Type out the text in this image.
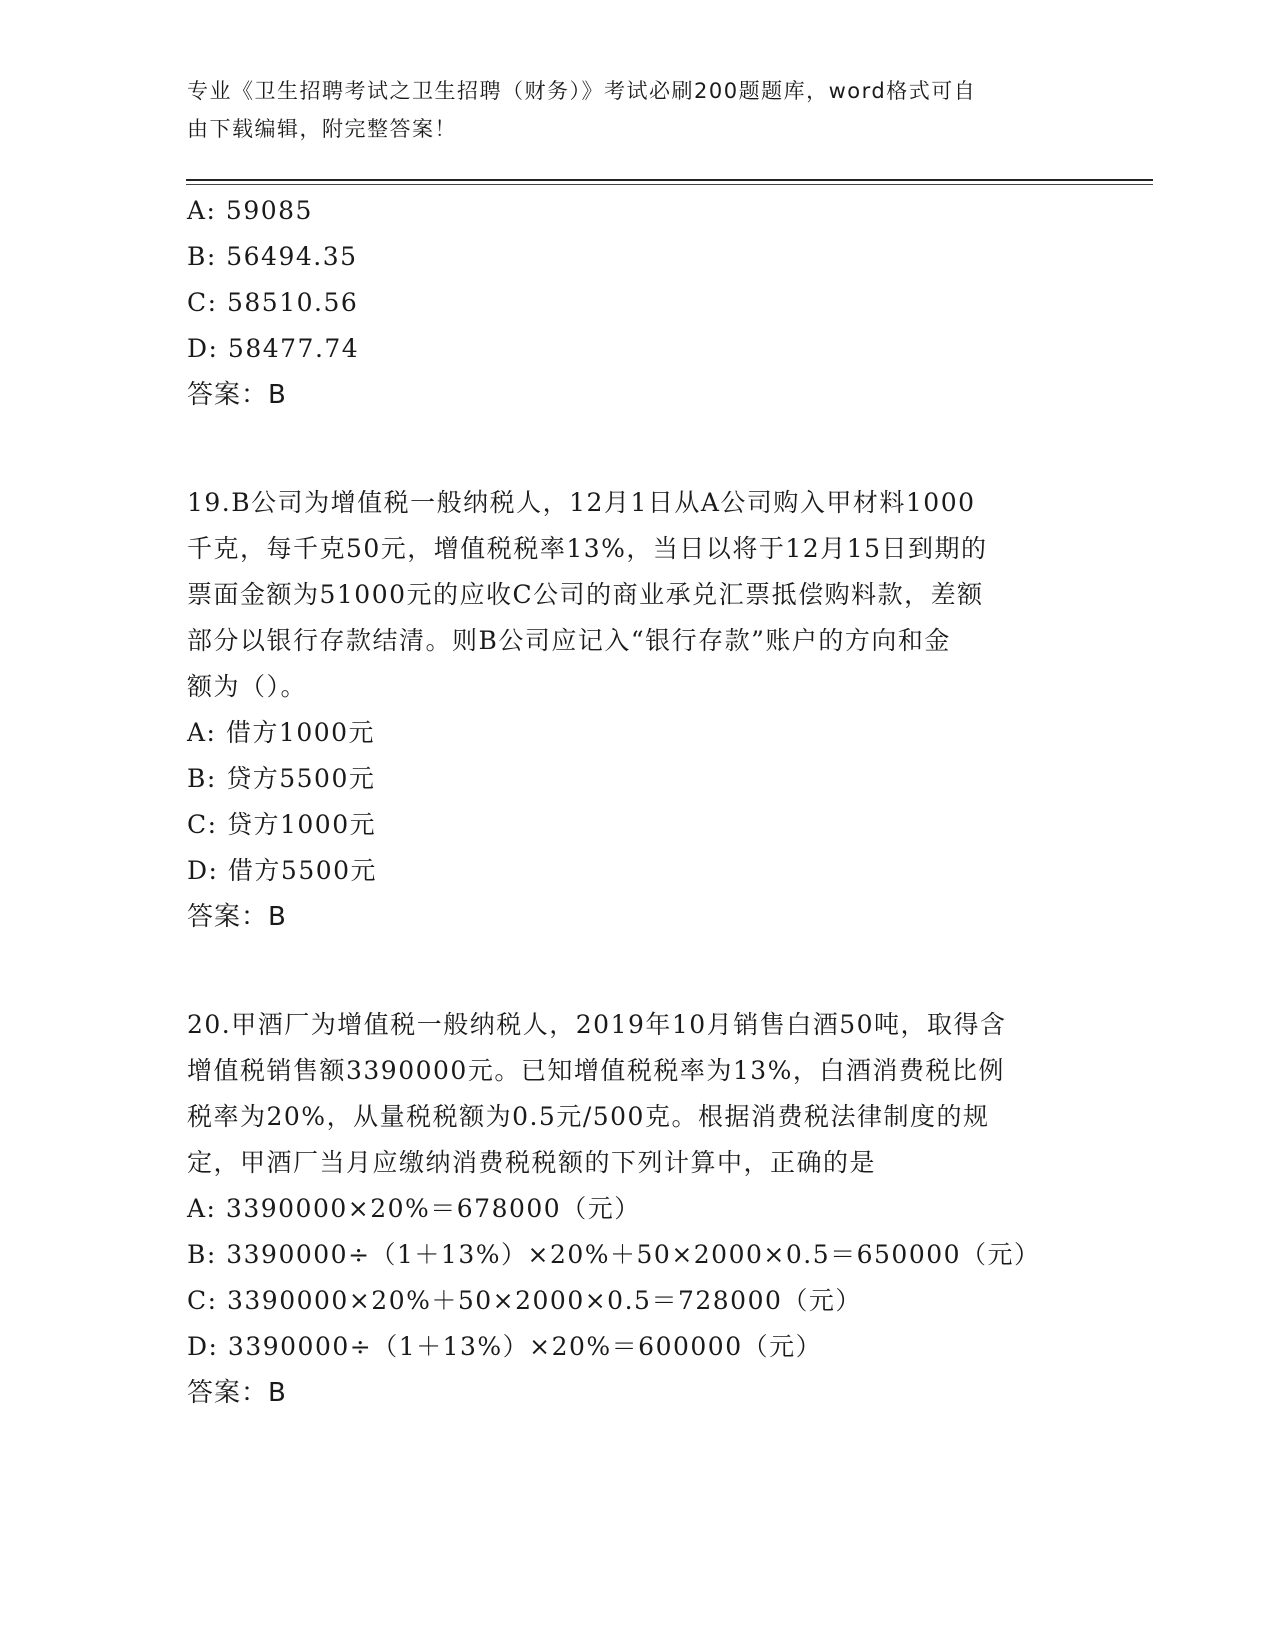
专业《卫生招聘考试之卫生招聘（财务）》考试必刷200题题库，word格式可自
由下载编辑，附完整答案！
A: 59085
B: 56494.35
C: 58510.56
D: 58477.74
答案：B
19.B公司为增值税一般纳税人，12月1日从A公司购入甲材料1000
千克，每千克50元，增值税税率13%，当日以将于12月15日到期的
票面金额为51000元的应收C公司的商业承兑汇票抵偿购料款，差额
部分以银行存款结清。则B公司应记入“银行存款”账户的方向和金
额为（）。
A: 借方1000元
B: 贷方5500元
C: 贷方1000元
D: 借方5500元
答案：B
20.甲酒厂为增值税一般纳税人，2019年10月销售白酒50吨，取得含
增值税销售额3390000元。已知增值税税率为13%，白酒消费税比例
税率为20%，从量税税额为0.5元/500克。根据消费税法律制度的规
定，甲酒厂当月应缴纳消费税税额的下列计算中，正确的是
A: 3390000×20%＝678000（元）
B: 3390000÷（1＋13%）×20%＋50×2000×0.5＝650000（元）
C: 3390000×20%＋50×2000×0.5＝728000（元）
D: 3390000÷（1＋13%）×20%＝600000（元）
答案：B
